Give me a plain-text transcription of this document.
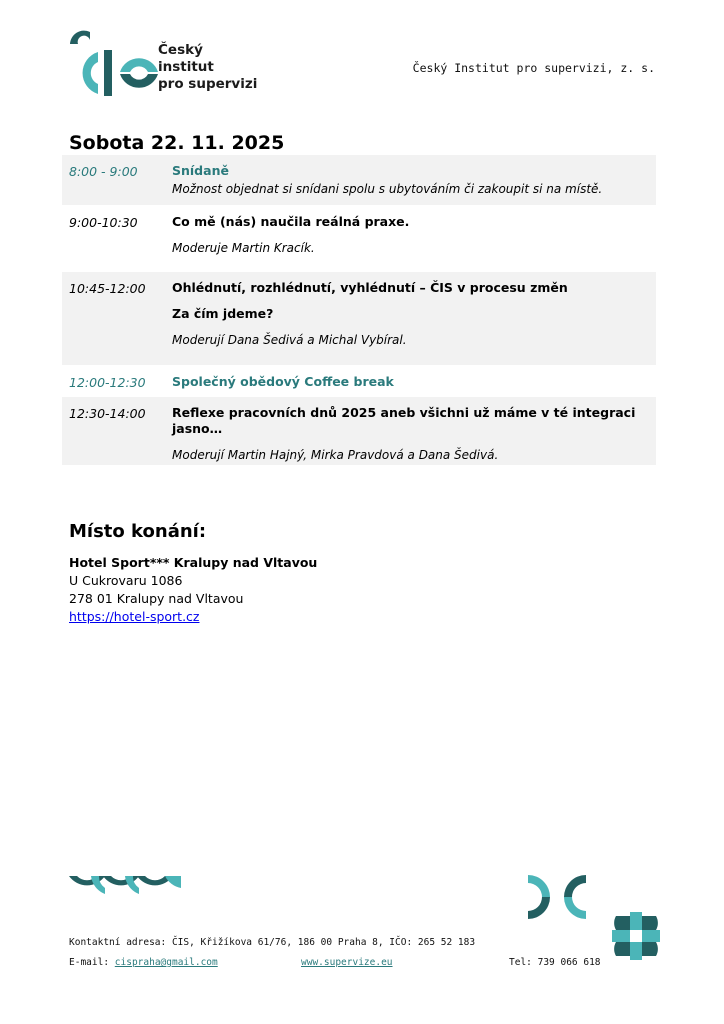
Český
institut
pro supervizi
Český Institut pro supervizi, z. s.
Sobota 22. 11. 2025
8:00 - 9:00	Snídaně
Možnost objednat si snídani spolu s ubytováním či zakoupit si na místě.
9:00-10:30	Co mě (nás) naučila reálná praxe.
Moderuje Martin Kracík.
10:45-12:00 Ohlédnutí, rozhlédnutí, vyhlédnutí – ČIS v procesu změn
Za čím jdeme?
Moderují Dana Šedivá a Michal Vybíral.
12:00-12:30 Společný obědový Coffee break
12:30-14:00 Reflexe pracovních dnů 2025 aneb všichni už máme v té integraci jasno…
Moderují Martin Hajný, Mirka Pravdová a Dana Šedivá.
Místo konání:
Hotel Sport*** Kralupy nad Vltavou
U Cukrovaru 1086
278 01 Kralupy nad Vltavou
https://hotel-sport.cz
Kontaktní adresa: ČIS, Křižíkova 61/76, 186 00 Praha 8, IČO: 265 52 183
E-mail: cispraha@gmail.com	www.supervize.eu	Tel: 739 066 618
